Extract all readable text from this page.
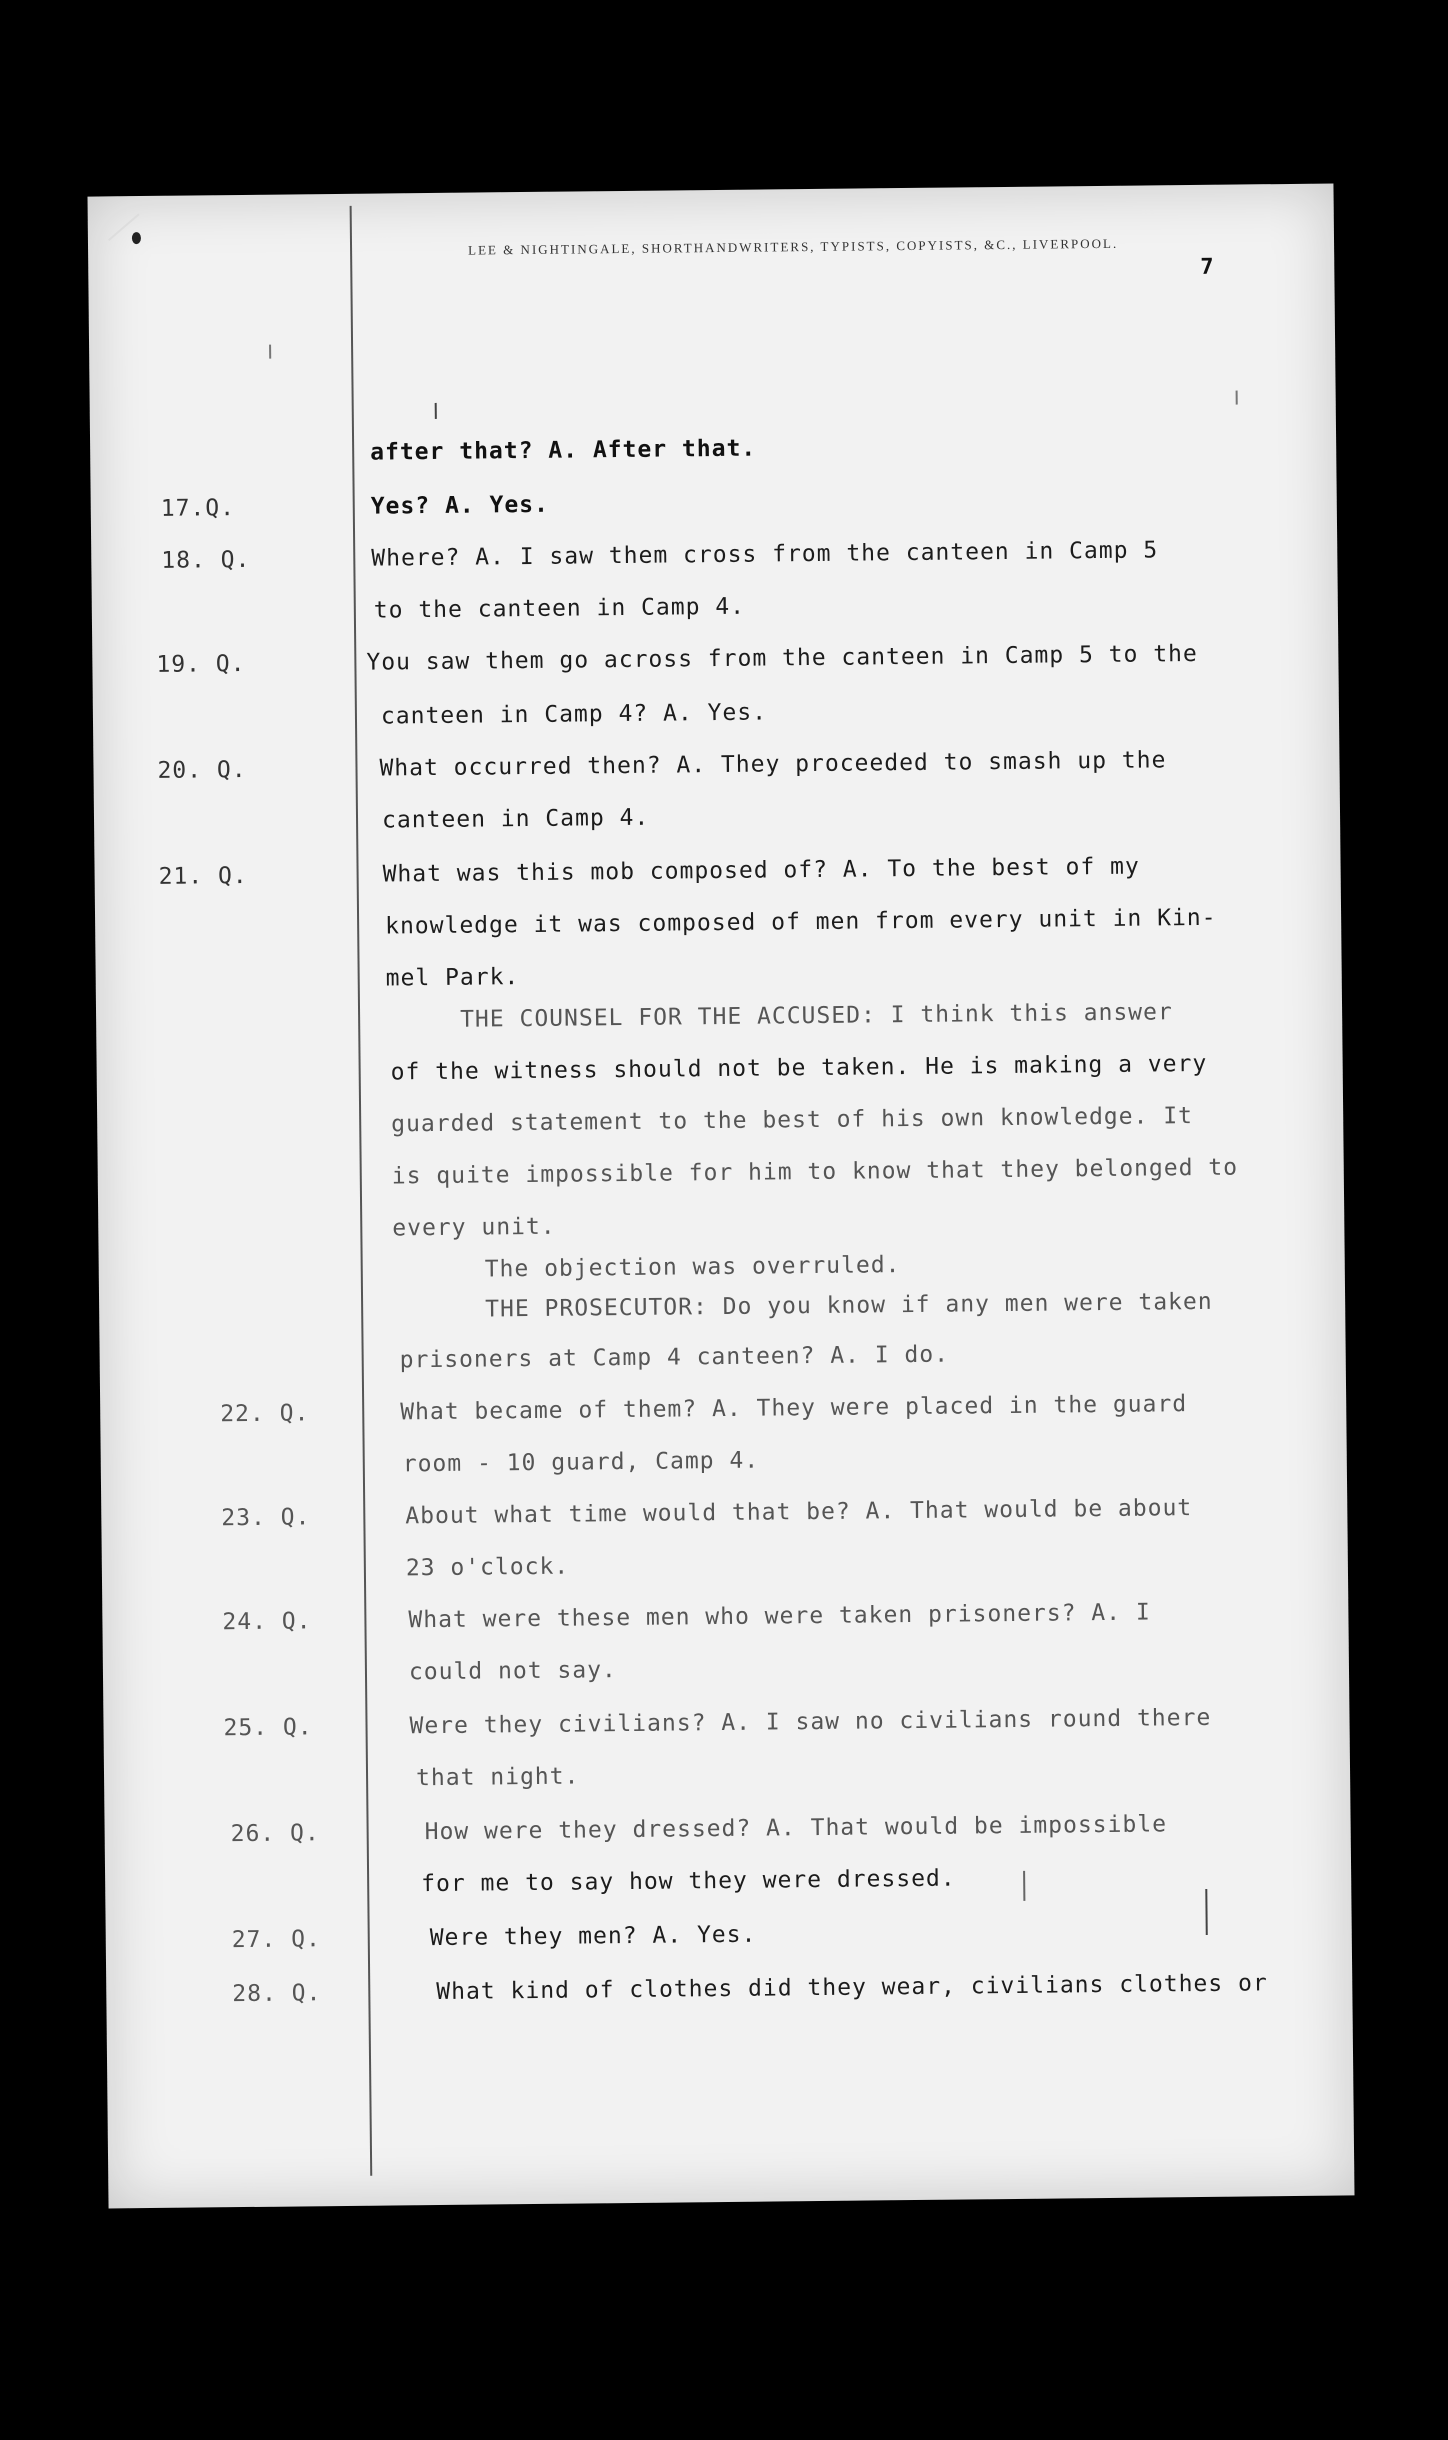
LEE & NIGHTINGALE, SHORTHANDWRITERS, TYPISTS, COPYISTS, &C., LIVERPOOL.
7
after that? A. After that.
17.Q.	Yes? A. Yes.
18. Q.	Where? A. I saw them cross from the canteen in Camp 5
to the canteen in Camp 4.
19. Q.	You saw them go across from the canteen in Camp 5 to the
canteen in Camp 4? A. Yes.
20. Q.	What occurred then? A. They proceeded to smash up the
canteen in Camp 4.
21. Q.	What was this mob composed of? A. To the best of my
knowledge it was composed of men from every unit in Kin-
mel Park.
THE COUNSEL FOR THE ACCUSED: I think this answer
of the witness should not be taken. He is making a very
guarded statement to the best of his own knowledge. It
is quite impossible for him to know that they belonged to
every unit.
The objection was overruled.
THE PROSECUTOR: Do you know if any men were taken
prisoners at Camp 4 canteen? A. I do.
22. Q.	What became of them? A. They were placed in the guard
room - 10 guard, Camp 4.
23. Q.	About what time would that be? A. That would be about
23 o'clock.
24. Q.	What were these men who were taken prisoners? A. I
could not say.
25. Q.	Were they civilians? A. I saw no civilians round there
that night.
26. Q.	How were they dressed? A. That would be impossible
for me to say how they were dressed.
27. Q.	Were they men? A. Yes.
28. Q.	What kind of clothes did they wear, civilians clothes or
